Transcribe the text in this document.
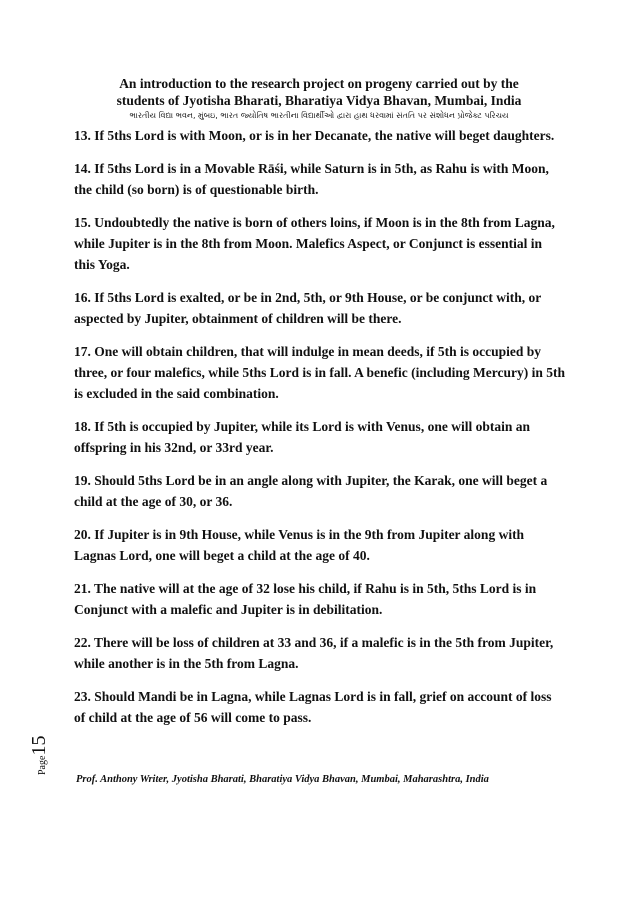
An introduction to the research project on progeny carried out by the
students of Jyotisha Bharati, Bharatiya Vidya Bhavan, Mumbai, India
ભારતીય વિદ્યા ભવન, મુંબઇ, ભારત જ્યોતિષ ભારતીના વિદ્યાર્થીઓ દ્વારા હાથ ધરવામાં સંતતિ પર સંશોધન પ્રોજેક્ટ પરિચય

13. If 5ths Lord is with Moon, or is in her Decanate, the native will beget daughters.

14. If 5ths Lord is in a Movable Rāśi, while Saturn is in 5th, as Rahu is with Moon, the child (so born) is of questionable birth.

15. Undoubtedly the native is born of others loins, if Moon is in the 8th from Lagna, while Jupiter is in the 8th from Moon. Malefics Aspect, or Conjunct is essential in this Yoga.

16. If 5ths Lord is exalted, or be in 2nd, 5th, or 9th House, or be conjunct with, or aspected by Jupiter, obtainment of children will be there.

17. One will obtain children, that will indulge in mean deeds, if 5th is occupied by three, or four malefics, while 5ths Lord is in fall. A benefic (including Mercury) in 5th is excluded in the said combination.

18. If 5th is occupied by Jupiter, while its Lord is with Venus, one will obtain an offspring in his 32nd, or 33rd year.

19. Should 5ths Lord be in an angle along with Jupiter, the Karak, one will beget a child at the age of 30, or 36.

20. If Jupiter is in 9th House, while Venus is in the 9th from Jupiter along with Lagnas Lord, one will beget a child at the age of 40.

21. The native will at the age of 32 lose his child, if Rahu is in 5th, 5ths Lord is in Conjunct with a malefic and Jupiter is in debilitation.

22. There will be loss of children at 33 and 36, if a malefic is in the 5th from Jupiter, while another is in the 5th from Lagna.

23. Should Mandi be in Lagna, while Lagnas Lord is in fall, grief on account of loss of child at the age of 56 will come to pass.

Page15
Prof. Anthony Writer, Jyotisha Bharati, Bharatiya Vidya Bhavan, Mumbai, Maharashtra, India
